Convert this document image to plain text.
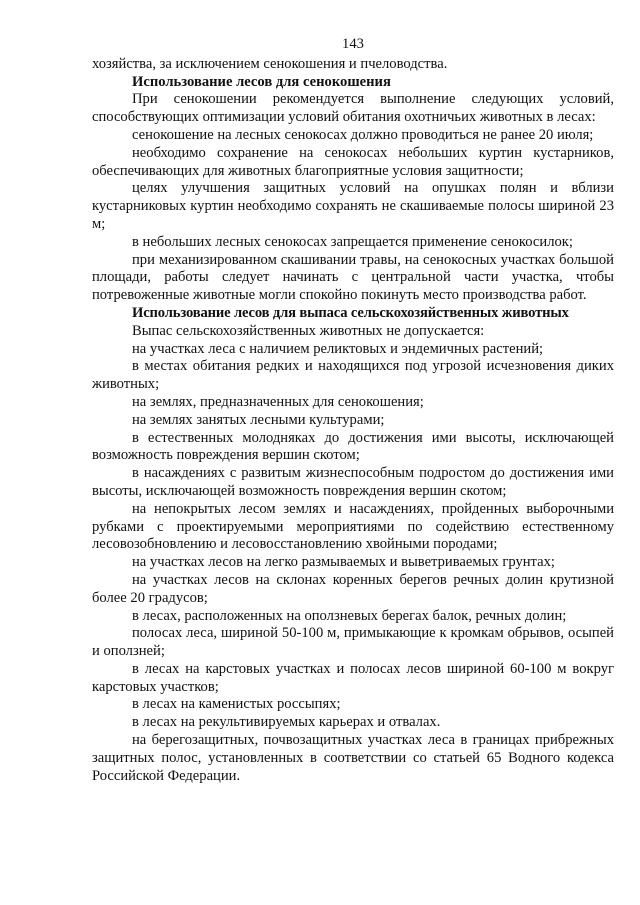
143
хозяйства, за исключением сенокошения и пчеловодства.
Использование лесов для сенокошения

При сенокошении рекомендуется выполнение следующих условий, способствующих оптимизации условий обитания охотничьих животных в лесах:

сенокошение на лесных сенокосах должно проводиться не ранее 20 июля;

необходимо сохранение на сенокосах небольших куртин кустарников, обеспечивающих для животных благоприятные условия защитности;

целях улучшения защитных условий на опушках полян и вблизи кустарниковых куртин необходимо сохранять не скашиваемые полосы шириной 23 м;

в небольших лесных сенокосах запрещается применение сенокосилок;

при механизированном скашивании травы, на сенокосных участках большой площади, работы следует начинать с центральной части участка, чтобы потревоженные животные могли спокойно покинуть место производства работ.

Использование лесов для выпаса сельскохозяйственных животных

Выпас сельскохозяйственных животных не допускается:

на участках леса с наличием реликтовых и эндемичных растений;

в местах обитания редких и находящихся под угрозой исчезновения диких животных;

на землях, предназначенных для сенокошения;

на землях занятых лесными культурами;

в естественных молодняках до достижения ими высоты, исключающей возможность повреждения вершин скотом;

в насаждениях с развитым жизнеспособным подростом до достижения ими высоты, исключающей возможность повреждения вершин скотом;

на непокрытых лесом землях и насаждениях, пройденных выборочными рубками с проектируемыми мероприятиями по содействию естественному лесовозобновлению и лесовосстановлению хвойными породами;

на участках лесов на легко размываемых и выветриваемых грунтах;

на участках лесов на склонах коренных берегов речных долин крутизной более 20 градусов;

в лесах, расположенных на оползневых берегах балок, речных долин;

полосах леса, шириной 50-100 м, примыкающие к кромкам обрывов, осыпей и оползней;

в лесах на карстовых участках и полосах лесов шириной 60-100 м вокруг карстовых участков;

в лесах на каменистых россыпях;

в лесах на рекультивируемых карьерах и отвалах.

на берегозащитных, почвозащитных участках леса в границах прибрежных защитных полос, установленных в соответствии со статьей 65 Водного кодекса Российской Федерации.
